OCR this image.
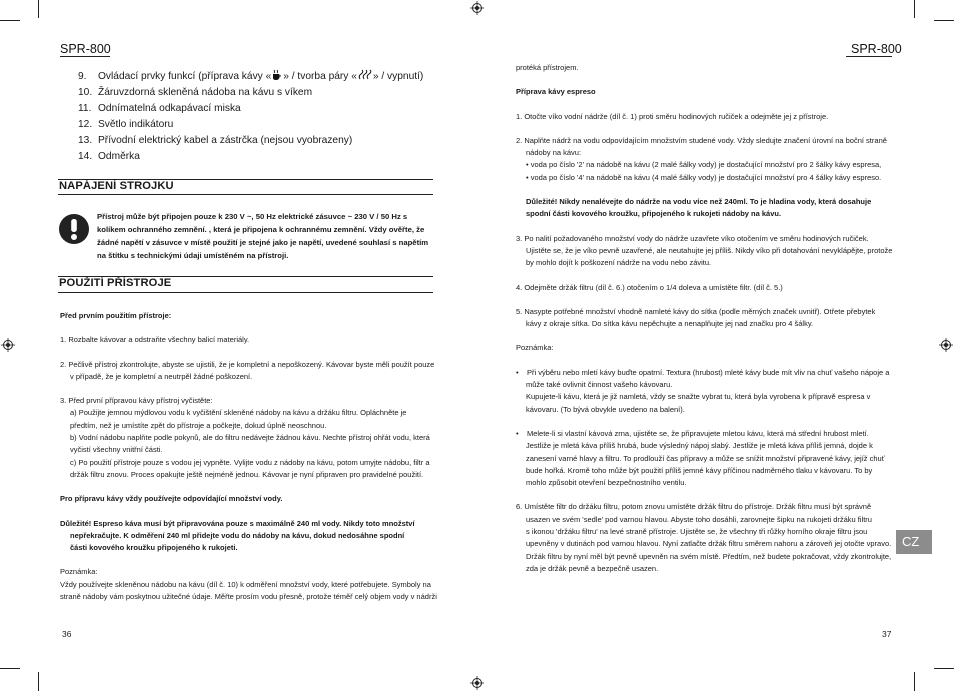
SPR-800	SPR-800
9.	Ovládací prvky funkcí (příprava kávy « » / tvorba páry « » / vypnutí)
10. Žáruvzdorná skleněná nádoba na kávu s víkem
11. Odnímatelná odkapávací miska
12. Světlo indikátoru
13. Přívodní elektrický kabel a zástrčka (nejsou vyobrazeny)
14. Odměrka
NAPÁJENÍ STROJKU
Přístroj může být připojen pouze k 230 V ~, 50 Hz elektrické zásuvce ~ 230 V / 50 Hz s kolíkem ochranného zemnění. , která je připojena k ochrannému zemnění. Vždy ověřte, že žádné napětí v zásuvce v místě použití je stejné jako je napětí, uvedené souhlasí s napětím na štítku s technickými údaji umístěném na přístroji.
POUŽITÍ PŘÍSTROJE

Před prvním použitím přístroje:

1. Rozbalte kávovar a odstraňte všechny balicí materiály.

2. Pečlivě přístroj zkontrolujte, abyste se ujistili, že je kompletní a nepoškozený. Kávovar byste měli použít pouze

v případě, že je kompletní a neutrpěl žádné poškození.

3. Před první přípravou kávy přístroj vyčistěte:

a) Použijte jemnou mýdlovou vodu k vyčištění skleněné nádoby na kávu a držáku filtru. Opláchněte je

předtím, než je umístíte zpět do přístroje a počkejte, dokud úplně neoschnou.

b) Vodní nádobu naplňte podle pokynů, ale do filtru nedávejte žádnou kávu. Nechte přístroj ohřát vodu, která

vyčistí všechny vnitřní části.

c) Po použití přístroje pouze s vodou jej vypněte. Vylijte vodu z nádoby na kávu, potom umyjte nádobu, filtr a

držák filtru znovu. Proces opakujte ještě nejméně jednou. Kávovar je nyní připraven pro pravidelné použití.

Pro přípravu kávy vždy používejte odpovídající množství vody.

Důležité! Espreso káva musí být připravována pouze s maximálně 240 ml vody. Nikdy toto množství

nepřekračujte. K odměření 240 ml přidejte vodu do nádoby na kávu, dokud nedosáhne spodní

části kovového kroužku připojeného k rukojeti.

Poznámka:

Vždy používejte skleněnou nádobu na kávu (díl č. 10) k odměření množství vody, které potřebujete. Symboly na

straně nádoby vám poskytnou užitečné údaje. Měřte prosím vodu přesně, protože téměř celý objem vody v nádrži

protéká přístrojem.

Příprava kávy espreso

1. Otočte víko vodní nádrže (díl č. 1) proti směru hodinových ručiček a odejměte jej z přístroje.

2. Naplňte nádrž na vodu odpovídajícím množstvím studené vody. Vždy sledujte značení úrovní na boční straně

nádoby na kávu:

• voda po číslo '2' na nádobě na kávu (2 malé šálky vody) je dostačující množství pro 2 šálky kávy espresa,

• voda po číslo '4' na nádobě na kávu (4 malé šálky vody) je dostačující množství pro 4 šálky kávy espreso.

Důležité! Nikdy nenalévejte do nádrže na vodu více než 240ml. To je hladina vody, která dosahuje

spodní části kovového kroužku, připojeného k rukojeti nádoby na kávu.

3. Po nalití požadovaného množství vody do nádrže uzavřete víko otočením ve směru hodinových ručiček.

Ujistěte se, že je víko pevně uzavřené, ale neutahujte jej příliš. Nikdy víko při dotahování nevyklápějte, protože

by mohlo dojít k poškození nádrže na vodu nebo závitu.

4. Odejměte držák filtru (díl č. 6.) otočením o 1/4 doleva a umístěte filtr. (díl č. 5.)

5. Nasypte potřebné množství vhodně namleté kávy do sítka (podle měrných značek uvnitř). Otřete přebytek

kávy z okraje sítka. Do sítka kávu nepěchujte a nenaplňujte jej nad značku pro 4 šálky.

Poznámka:

•    Při výběru nebo mletí kávy buďte opatrní. Textura (hrubost) mleté kávy bude mít vliv na chuť vašeho nápoje a

může také ovlivnit činnost vašeho kávovaru.

Kupujete-li kávu, která je již namletá, vždy se snažte vybrat tu, která byla vyrobena k přípravě espresa v

kávovaru. (To bývá obvykle uvedeno na balení).

•    Melete-li si vlastní kávová zrna, ujistěte se, že připravujete mletou kávu, která má střední hrubost mletí.

Jestliže je mletá káva příliš hrubá, bude výsledný nápoj slabý. Jestliže je mletá káva příliš jemná, dojde k

zanesení varné hlavy a filtru. To prodlouží čas přípravy a může se snížit množství připravené kávy, jejíž chuť

bude hořká. Kromě toho může být použití příliš jemné kávy příčinou nadměrného tlaku v kávovaru. To by

mohlo způsobit otevření bezpečnostního ventilu.

6. Umístěte filtr do držáku filtru, potom znovu umístěte držák filtru do přístroje. Držák filtru musí být správně

usazen ve svém 'sedle' pod varnou hlavou. Abyste toho dosáhli, zarovnejte šipku na rukojeti držáku filtru

s ikonou 'držáku filtru' na levé straně přístroje. Ujistěte se, že všechny tři růžky horního okraje filtru jsou

upevněny v dutinách pod varnou hlavou. Nyní zatlačte držák filtru směrem nahoru a zároveň jej otočte vpravo.

Držák filtru by nyní měl být pevně upevněn na svém místě. Předtím, než budete pokračovat, vždy zkontrolujte,

zda je držák pevně a bezpečně usazen.

CZ
36	37
